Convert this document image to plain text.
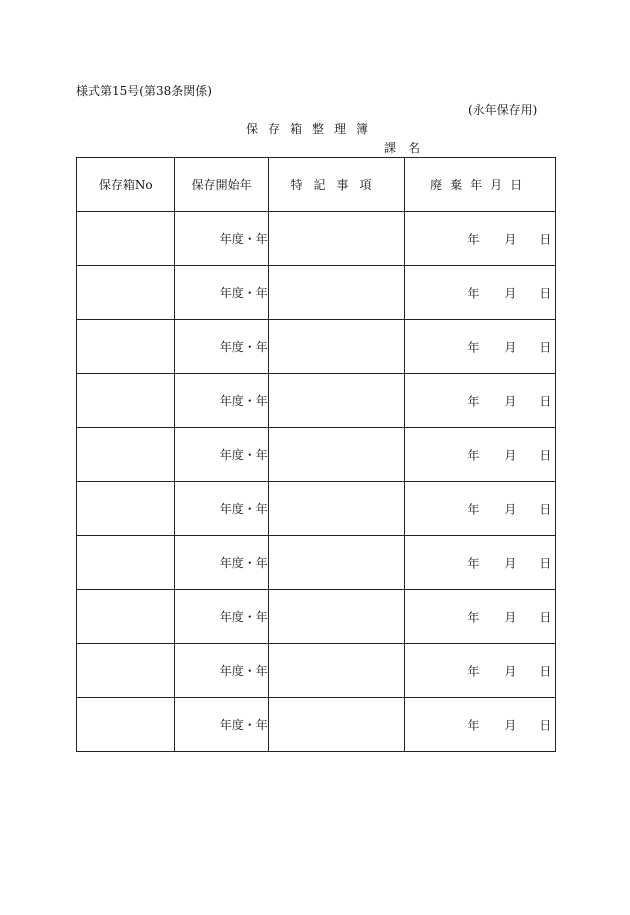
様式第15号(第38条関係)
(永年保存用)
保存箱整理簿
課名
保存箱No	保存開始年	特記事項	廃棄年月日
	年度・年		年 月 日

	年度・年		年 月 日

	年度・年		年 月 日

	年度・年		年 月 日

	年度・年		年 月 日

	年度・年		年 月 日

	年度・年		年 月 日

	年度・年		年 月 日

	年度・年		年 月 日

	年度・年		年 月 日
